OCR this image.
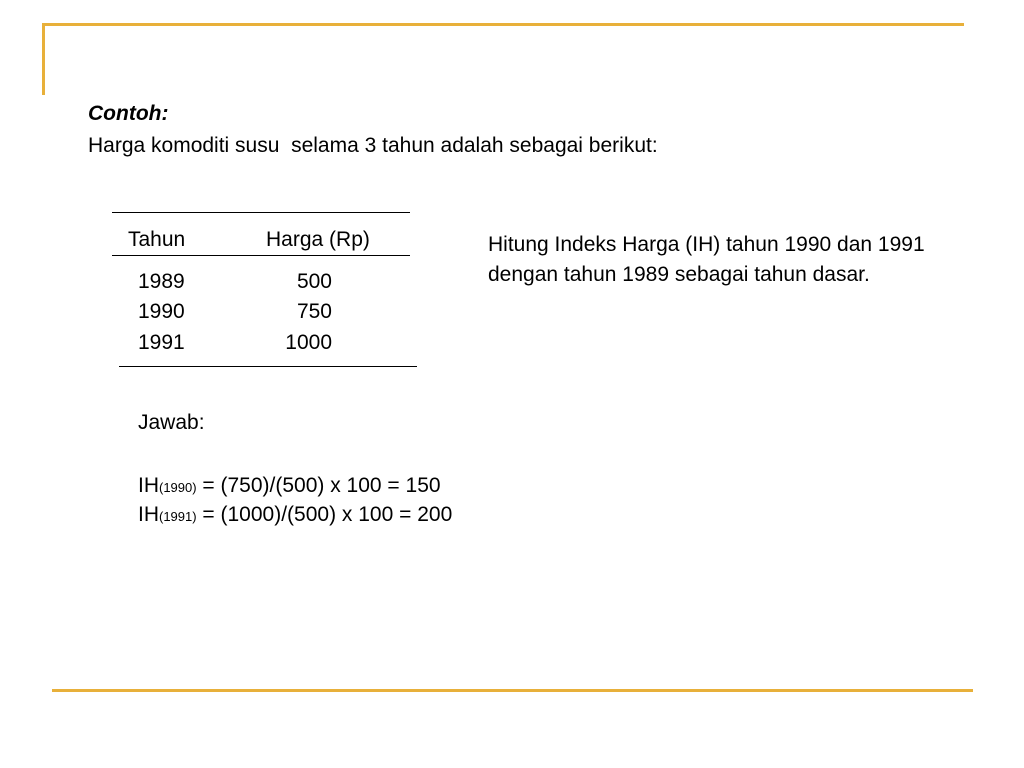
Contoh:
Harga komoditi susu  selama 3 tahun adalah sebagai berikut:
Tahun	Harga (Rp)
1989	500
1990	750
1991	1000
Hitung Indeks Harga (IH) tahun 1990 dan 1991 dengan tahun 1989 sebagai tahun dasar.
Jawab:
IH(1990) = (750)/(500) x 100 = 150
IH(1991) = (1000)/(500) x 100 = 200
